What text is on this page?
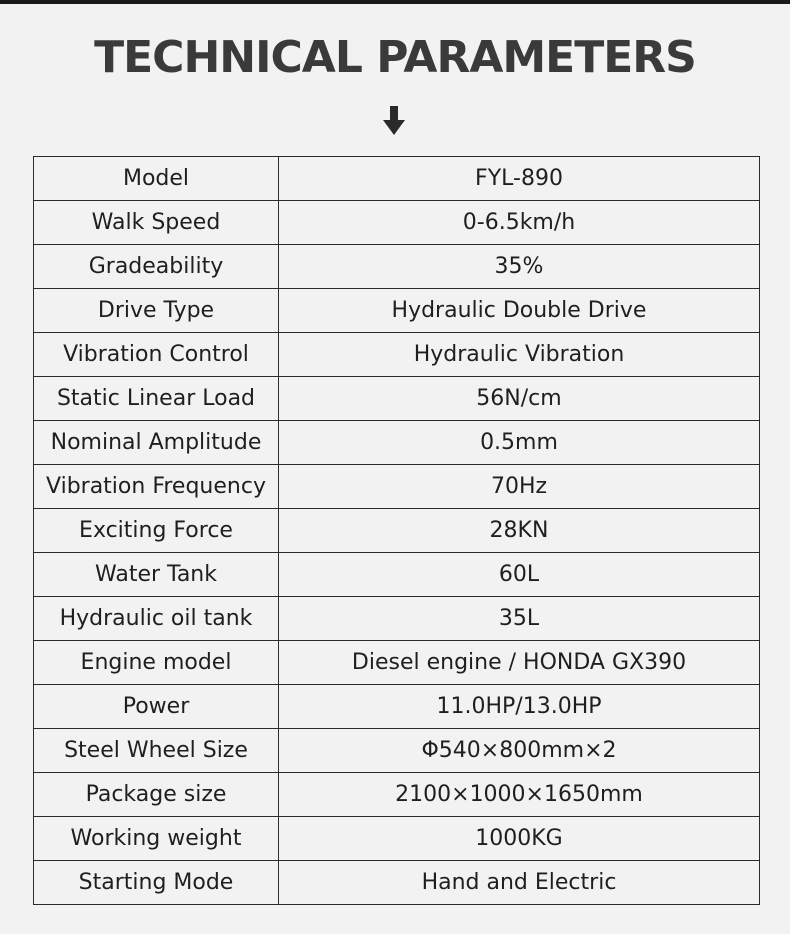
TECHNICAL PARAMETERS
Model	FYL-890
Walk Speed	0-6.5km/h
Gradeability	35%
Drive Type	Hydraulic Double Drive
Vibration Control	Hydraulic Vibration
Static Linear Load	56N/cm
Nominal Amplitude	0.5mm
Vibration Frequency	70Hz
Exciting Force	28KN
Water Tank	60L
Hydraulic oil tank	35L
Engine model	Diesel engine / HONDA GX390
Power	11.0HP/13.0HP
Steel Wheel Size	Φ540×800mm×2
Package size	2100×1000×1650mm
Working weight	1000KG
Starting Mode	Hand and Electric
